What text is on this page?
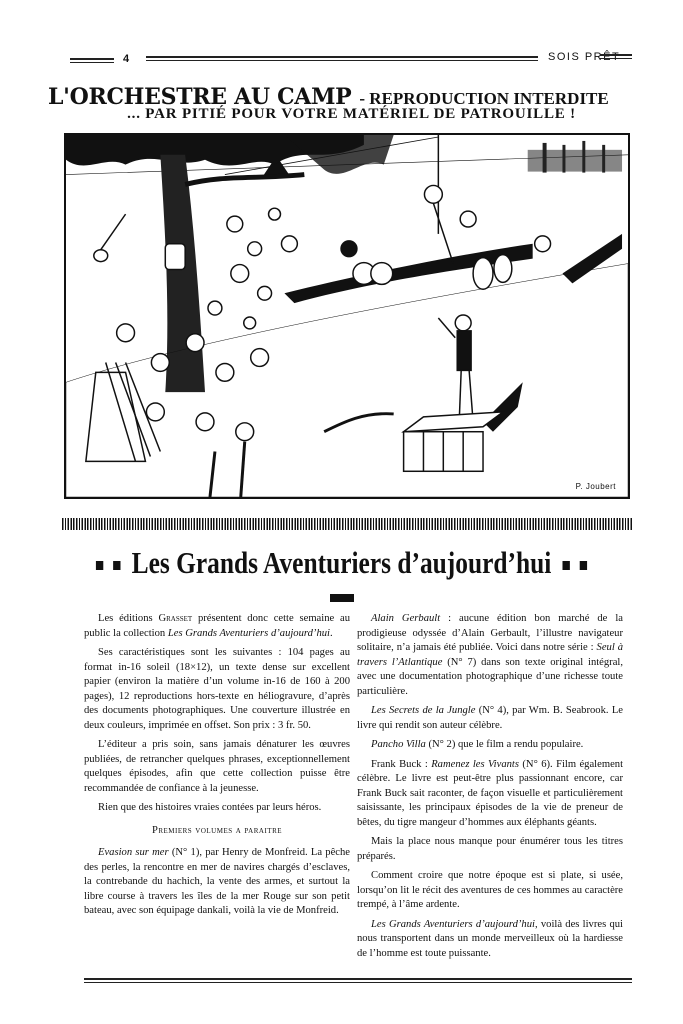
4	SOIS PRÊT
L'ORCHESTRE AU CAMP - REPRODUCTION INTERDITE
... PAR PITIÉ POUR VOTRE MATÉRIEL DE PATROUILLE !
P. Joubert
Les Grands Aventuriers d’aujourd’hui

Les éditions Grasset présentent donc cette semaine au public la collection Les Grands Aventuriers d’aujourd’hui.

Ses caractéristiques sont les suivantes : 104 pages au format in-16 soleil (18×12), un texte dense sur excellent papier (environ la matière d’un volume in-16 de 160 à 200 pages), 12 reproductions hors-texte en héliogravure, d’après des documents photographiques. Une couverture illustrée en deux couleurs, imprimée en offset. Son prix : 3 fr. 50.

L’éditeur a pris soin, sans jamais dénaturer les œuvres publiées, de retrancher quelques phrases, exceptionnellement quelques épisodes, afin que cette collection puisse être recommandée de confiance à la jeunesse.

Rien que des histoires vraies contées par leurs héros.

Premiers volumes a paraitre

Evasion sur mer (N° 1), par Henry de Monfreid. La pêche des perles, la rencontre en mer de navires chargés d’esclaves, la contrebande du hachich, la vente des armes, et surtout la libre course à travers les îles de la mer Rouge sur son petit bateau, avec son équipage dankali, voilà la vie de Monfreid.

Alain Gerbault : aucune édition bon marché de la prodigieuse odyssée d’Alain Gerbault, l’illustre navigateur solitaire, n’a jamais été publiée. Voici dans notre série : Seul à travers l’Atlantique (N° 7) dans son texte original intégral, avec une documentation photographique d’une richesse toute particulière.

Les Secrets de la Jungle (N° 4), par Wm. B. Seabrook. Le livre qui rendit son auteur célèbre.

Pancho Villa (N° 2) que le film a rendu populaire.

Frank Buck : Ramenez les Vivants (N° 6). Film également célèbre. Le livre est peut-être plus passionnant encore, car Frank Buck sait raconter, de façon visuelle et particulièrement saisissante, les principaux épisodes de la vie de preneur de bêtes, du tigre mangeur d’hommes aux éléphants géants.

Mais la place nous manque pour énumérer tous les titres préparés.

Comment croire que notre époque est si plate, si usée, lorsqu’on lit le récit des aventures de ces hommes au caractère trempé, à l’âme ardente.

Les Grands Aventuriers d’aujourd’hui, voilà des livres qui nous transportent dans un monde merveilleux où la hardiesse de l’homme est toute puissante.
